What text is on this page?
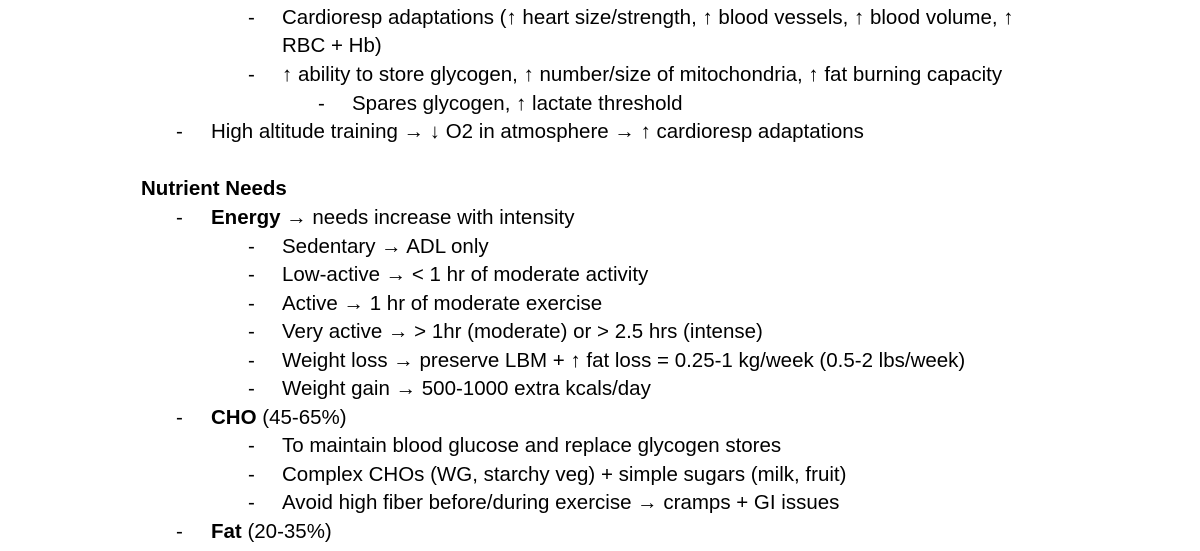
- Cardioresp adaptations (↑ heart size/strength, ↑ blood vessels, ↑ blood volume, ↑
RBC + Hb)
- ↑ ability to store glycogen, ↑ number/size of mitochondria, ↑ fat burning capacity
- Spares glycogen, ↑ lactate threshold
- High altitude training → ↓ O2 in atmosphere → ↑ cardioresp adaptations
Nutrient Needs
- Energy → needs increase with intensity
- Sedentary → ADL only
- Low-active → < 1 hr of moderate activity
- Active → 1 hr of moderate exercise
- Very active → > 1hr (moderate) or > 2.5 hrs (intense)
- Weight loss → preserve LBM + ↑ fat loss = 0.25-1 kg/week (0.5-2 lbs/week)
- Weight gain → 500-1000 extra kcals/day
- CHO (45-65%)
- To maintain blood glucose and replace glycogen stores
- Complex CHOs (WG, starchy veg) + simple sugars (milk, fruit)
- Avoid high fiber before/during exercise → cramps + GI issues
- Fat (20-35%)
